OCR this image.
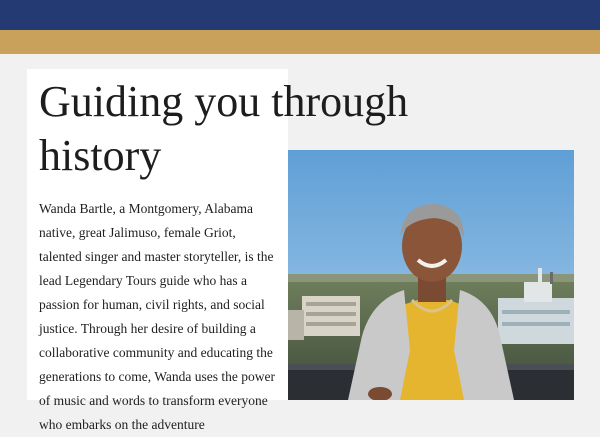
Guiding you through history

Wanda Bartle, a Montgomery, Alabama native, great Jalimuso, female Griot, talented singer and master storyteller, is the lead Legendary Tours guide who has a passion for human, civil rights, and social justice. Through her desire of building a collaborative community and educating the generations to come, Wanda uses the power of music and words to transform everyone who embarks on the adventure
